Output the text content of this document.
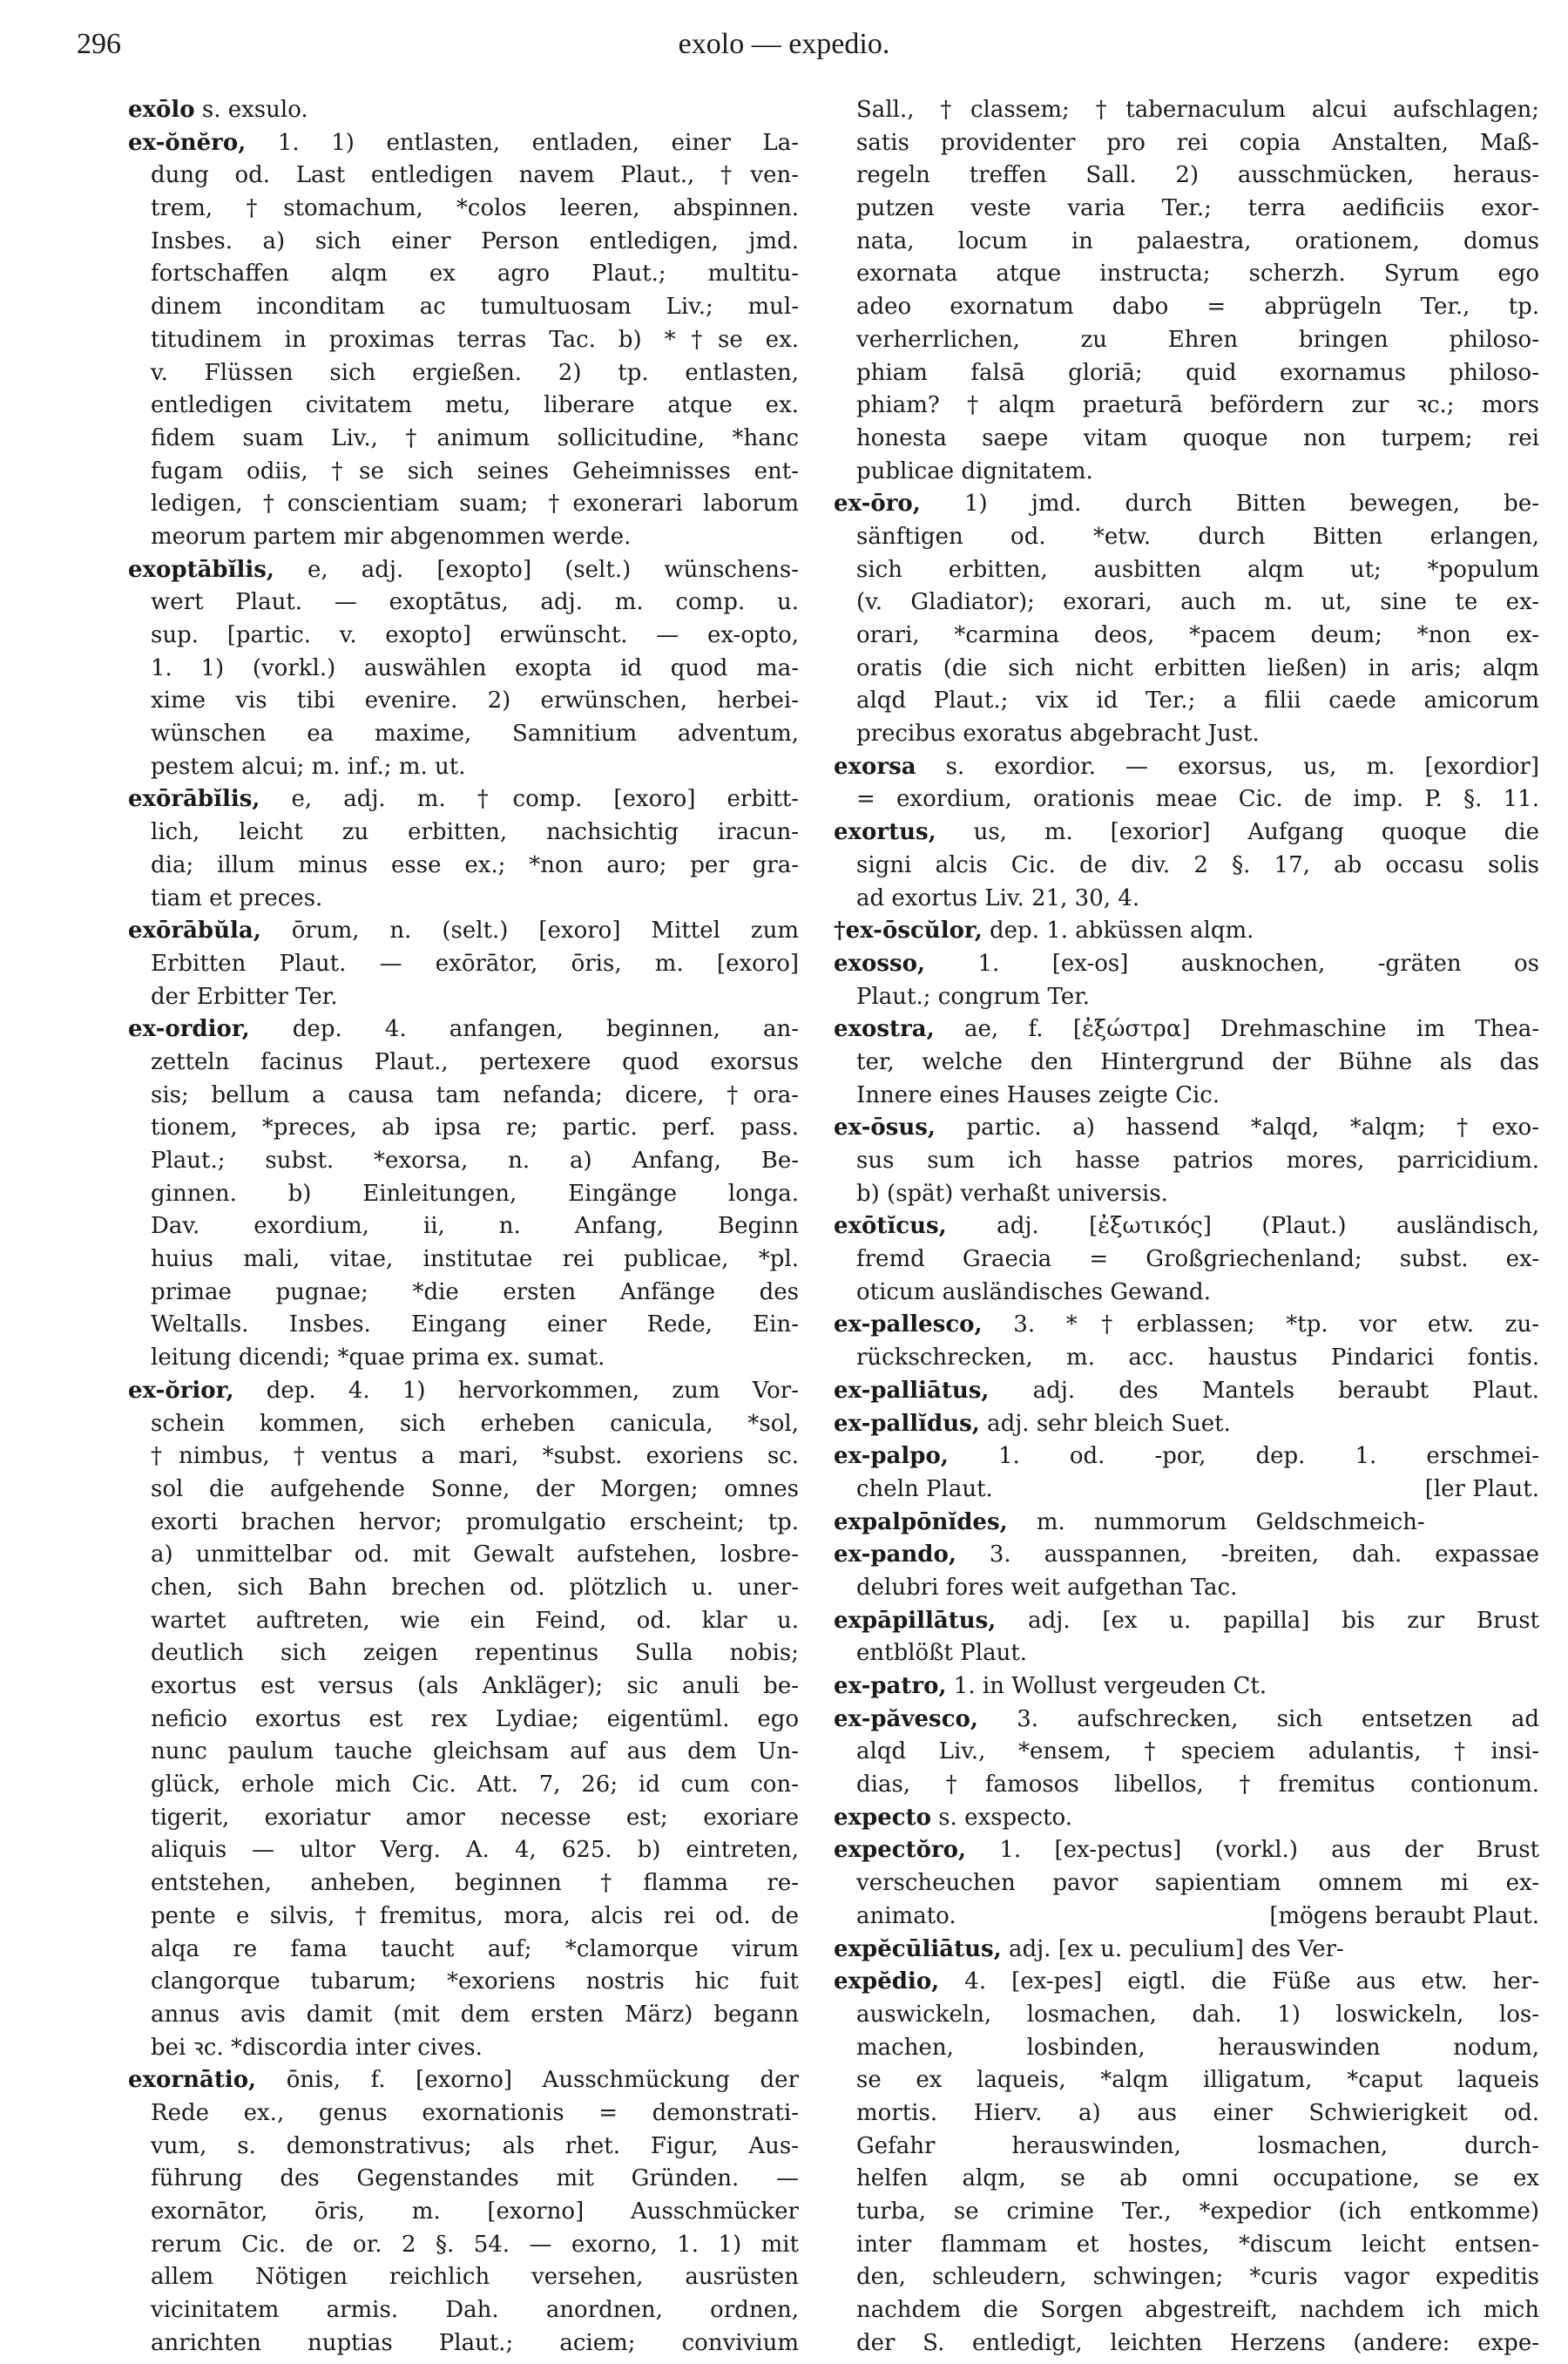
296	exolo — expedio.
exōlo s. exsulo.
ex-ŏnĕro, 1. 1) entlasten, entladen, einer La-
dung od. Last entledigen navem Plaut., †ven-
trem, †stomachum, *colos leeren, abspinnen.
Insbes. a) sich einer Person entledigen, jmd.
fortschaffen alqm ex agro Plaut.; multitu-
dinem inconditam ac tumultuosam Liv.; mul-
titudinem in proximas terras Tac. b) *†se ex.
v. Flüssen sich ergießen. 2) tp. entlasten,
entledigen civitatem metu, liberare atque ex.
fidem suam Liv., †animum sollicitudine, *hanc
fugam odiis, †se sich seines Geheimnisses ent-
ledigen, †conscientiam suam; †exonerari laborum
meorum partem mir abgenommen werde.
exoptābĭlis, e, adj. [exopto] (selt.) wünschens-
wert Plaut. — exoptātus, adj. m. comp. u.
sup. [partic. v. exopto] erwünscht. — ex-opto,
1. 1) (vorkl.) auswählen exopta id quod ma-
xime vis tibi evenire. 2) erwünschen, herbei-
wünschen ea maxime, Samnitium adventum,
pestem alcui; m. inf.; m. ut.
exōrābĭlis, e, adj. m. †comp. [exoro] erbitt-
lich, leicht zu erbitten, nachsichtig iracun-
dia; illum minus esse ex.; *non auro; per gra-
tiam et preces.
exōrābŭla, ōrum, n. (selt.) [exoro] Mittel zum
Erbitten Plaut. — exōrātor, ōris, m. [exoro]
der Erbitter Ter.
ex-ordior, dep. 4. anfangen, beginnen, an-
zetteln facinus Plaut., pertexere quod exorsus
sis; bellum a causa tam nefanda; dicere, †ora-
tionem, *preces, ab ipsa re; partic. perf. pass.
Plaut.; subst. *exorsa, n. a) Anfang, Be-
ginnen. b) Einleitungen, Eingänge longa.
Dav. exordium, ii, n. Anfang, Beginn
huius mali, vitae, institutae rei publicae, *pl.
primae pugnae; *die ersten Anfänge des
Weltalls. Insbes. Eingang einer Rede, Ein-
leitung dicendi; *quae prima ex. sumat.
ex-ŏrior, dep. 4. 1) hervorkommen, zum Vor-
schein kommen, sich erheben canicula, *sol,
†nimbus, †ventus a mari, *subst. exoriens sc.
sol die aufgehende Sonne, der Morgen; omnes
exorti brachen hervor; promulgatio erscheint; tp.
a) unmittelbar od. mit Gewalt aufstehen, losbre-
chen, sich Bahn brechen od. plötzlich u. uner-
wartet auftreten, wie ein Feind, od. klar u.
deutlich sich zeigen repentinus Sulla nobis;
exortus est versus (als Ankläger); sic anuli be-
neficio exortus est rex Lydiae; eigentüml. ego
nunc paulum tauche gleichsam auf aus dem Un-
glück, erhole mich Cic. Att. 7, 26; id cum con-
tigerit, exoriatur amor necesse est; exoriare
aliquis — ultor Verg. A. 4, 625. b) eintreten,
entstehen, anheben, beginnen †flamma re-
pente e silvis, †fremitus, mora, alcis rei od. de
alqa re fama taucht auf; *clamorque virum
clangorque tubarum; *exoriens nostris hic fuit
annus avis damit (mit dem ersten März) begann
bei ꝛc. *discordia inter cives.
exornātio, ōnis, f. [exorno] Ausschmückung der
Rede ex., genus exornationis = demonstrati-
vum, s. demonstrativus; als rhet. Figur, Aus-
führung des Gegenstandes mit Gründen. —
exornātor, ōris, m. [exorno] Ausschmücker
rerum Cic. de or. 2 §. 54. — exorno, 1. 1) mit
allem Nötigen reichlich versehen, ausrüsten
vicinitatem armis. Dah. anordnen, ordnen,
anrichten nuptias Plaut.; aciem; convivium
Sall., †classem; †tabernaculum alcui aufschlagen;
satis providenter pro rei copia Anstalten, Maß-
regeln treffen Sall. 2) ausschmücken, heraus-
putzen veste varia Ter.; terra aedificiis exor-
nata, locum in palaestra, orationem, domus
exornata atque instructa; scherzh. Syrum ego
adeo exornatum dabo = abprügeln Ter., tp.
verherrlichen, zu Ehren bringen philoso-
phiam falsā gloriā; quid exornamus philoso-
phiam? †alqm praeturā befördern zur ꝛc.; mors
honesta saepe vitam quoque non turpem; rei
publicae dignitatem.
ex-ōro, 1) jmd. durch Bitten bewegen, be-
sänftigen od. *etw. durch Bitten erlangen,
sich erbitten, ausbitten alqm ut; *populum
(v. Gladiator); exorari, auch m. ut, sine te ex-
orari, *carmina deos, *pacem deum; *non ex-
oratis (die sich nicht erbitten ließen) in aris; alqm
alqd Plaut.; vix id Ter.; a filii caede amicorum
precibus exoratus abgebracht Just.
exorsa s. exordior. — exorsus, us, m. [exordior]
= exordium, orationis meae Cic. de imp. P. §. 11.
exortus, us, m. [exorior] Aufgang quoque die
signi alcis Cic. de div. 2 §. 17, ab occasu solis
ad exortus Liv. 21, 30, 4.
†ex-ōscŭlor, dep. 1. abküssen alqm.
exosso, 1. [ex-os] ausknochen, -gräten os
Plaut.; congrum Ter.
exostra, ae, f. [ἐξώστρα] Drehmaschine im Thea-
ter, welche den Hintergrund der Bühne als das
Innere eines Hauses zeigte Cic.
ex-ōsus, partic. a) hassend *alqd, *alqm; †exo-
sus sum ich hasse patrios mores, parricidium.
b) (spät) verhaßt universis.
exōtĭcus, adj. [ἐξωτικός] (Plaut.) ausländisch,
fremd Graecia = Großgriechenland; subst. ex-
oticum ausländisches Gewand.
ex-pallesco, 3. *†erblassen; *tp. vor etw. zu-
rückschrecken, m. acc. haustus Pindarici fontis.
ex-palliātus, adj. des Mantels beraubt Plaut.
ex-pallĭdus, adj. sehr bleich Suet.
ex-palpo, 1. od. -por, dep. 1. erschmei-
[ler Plaut.
cheln Plaut.
expalpōnĭdes, m. nummorum Geldschmeich-
ex-pando, 3. ausspannen, -breiten, dah. expassae
delubri fores weit aufgethan Tac.
expāpillātus, adj. [ex u. papilla] bis zur Brust
entblößt Plaut.
ex-patro, 1. in Wollust vergeuden Ct.
ex-păvesco, 3. aufschrecken, sich entsetzen ad
alqd Liv., *ensem, †speciem adulantis, †insi-
dias, †famosos libellos, †fremitus contionum.
expecto s. exspecto.
expectŏro, 1. [ex-pectus] (vorkl.) aus der Brust
verscheuchen pavor sapientiam omnem mi ex-
[mögens beraubt Plaut.
animato.
expĕcūliātus, adj. [ex u. peculium] des Ver-
expĕdio, 4. [ex-pes] eigtl. die Füße aus etw. her-
auswickeln, losmachen, dah. 1) loswickeln, los-
machen, losbinden, herauswinden nodum,
se ex laqueis, *alqm illigatum, *caput laqueis
mortis. Hierv. a) aus einer Schwierigkeit od.
Gefahr herauswinden, losmachen, durch-
helfen alqm, se ab omni occupatione, se ex
turba, se crimine Ter., *expedior (ich entkomme)
inter flammam et hostes, *discum leicht entsen-
den, schleudern, schwingen; *curis vagor expeditis
nachdem die Sorgen abgestreift, nachdem ich mich
der S. entledigt, leichten Herzens (andere: expe-
